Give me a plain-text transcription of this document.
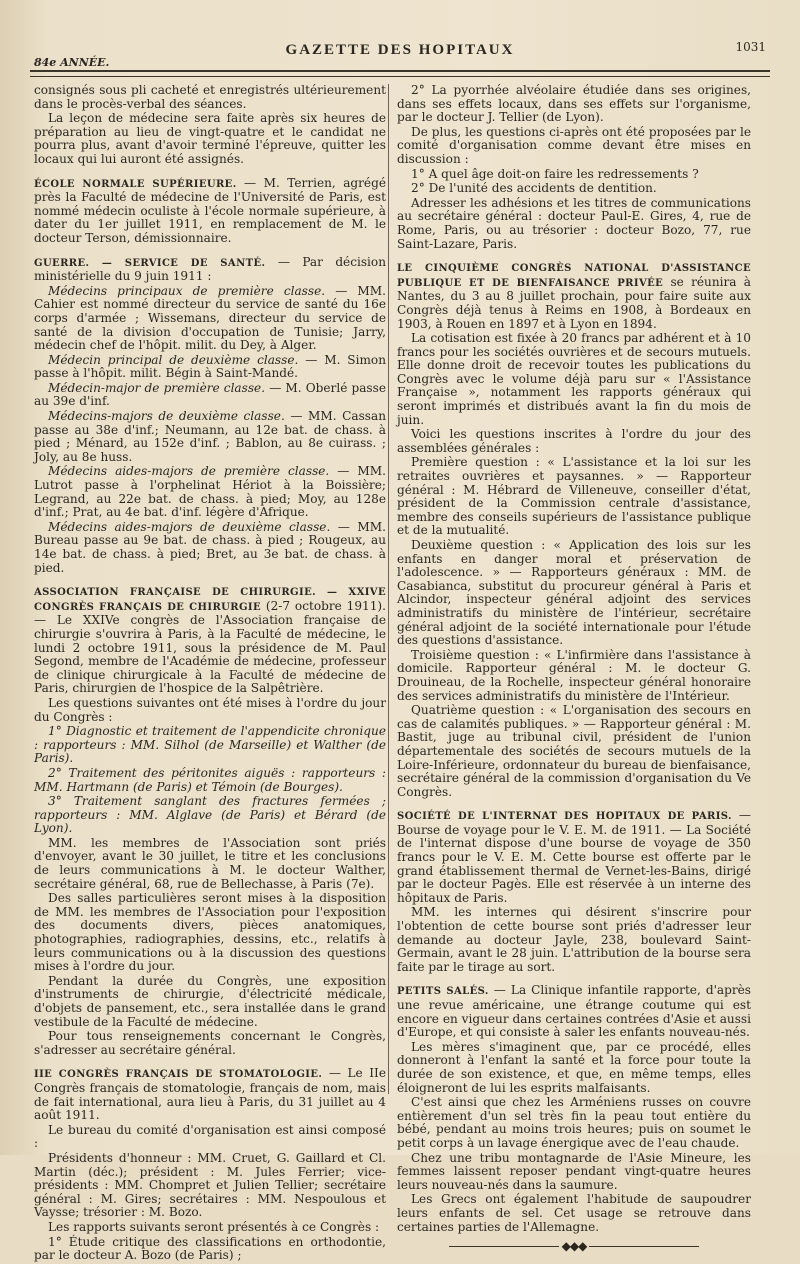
84e ANNÉE.
GAZETTE DES HOPITAUX	1031

consignés sous pli cacheté et enregistrés ultérieurement dans le procès-verbal des séances.

La leçon de médecine sera faite après six heures de préparation au lieu de vingt-quatre et le candidat ne pourra plus, avant d'avoir terminé l'épreuve, quitter les locaux qui lui auront été assignés.

ÉCOLE NORMALE SUPÉRIEURE. — M. Terrien, agrégé près la Faculté de médecine de l'Université de Paris, est nommé médecin oculiste à l'école normale supérieure, à dater du 1er juillet 1911, en remplacement de M. le docteur Terson, démissionnaire.

GUERRE. — SERVICE DE SANTÉ. — Par décision ministérielle du 9 juin 1911 :

Médecins principaux de première classe. — MM. Cahier est nommé directeur du service de santé du 16e corps d'armée ; Wissemans, directeur du service de santé de la division d'occupation de Tunisie; Jarry, médecin chef de l'hôpit. milit. du Dey, à Alger.

Médecin principal de deuxième classe. — M. Simon passe à l'hôpit. milit. Bégin à Saint-Mandé.

Médecin-major de première classe. — M. Oberlé passe au 39e d'inf.

Médecins-majors de deuxième classe. — MM. Cassan passe au 38e d'inf.; Neumann, au 12e bat. de chass. à pied ; Ménard, au 152e d'inf. ; Bablon, au 8e cuirass. ; Joly, au 8e huss.

Médecins aides-majors de première classe. — MM. Lutrot passe à l'orphelinat Hériot à la Boissière; Legrand, au 22e bat. de chass. à pied; Moy, au 128e d'inf.; Prat, au 4e bat. d'inf. légère d'Afrique.

Médecins aides-majors de deuxième classe. — MM. Bureau passe au 9e bat. de chass. à pied ; Rougeux, au 14e bat. de chass. à pied; Bret, au 3e bat. de chass. à pied.

ASSOCIATION FRANÇAISE DE CHIRURGIE. — XXIVE CONGRÈS FRANÇAIS DE CHIRURGIE (2-7 octobre 1911). — Le XXIVe congrès de l'Association française de chirurgie s'ouvrira à Paris, à la Faculté de médecine, le lundi 2 octobre 1911, sous la présidence de M. Paul Segond, membre de l'Académie de médecine, professeur de clinique chirurgicale à la Faculté de médecine de Paris, chirurgien de l'hospice de la Salpêtrière.

Les questions suivantes ont été mises à l'ordre du jour du Congrès :

1° Diagnostic et traitement de l'appendicite chronique : rapporteurs : MM. Silhol (de Marseille) et Walther (de Paris).

2° Traitement des péritonites aiguës : rapporteurs : MM. Hartmann (de Paris) et Témoin (de Bourges).

3° Traitement sanglant des fractures fermées ; rapporteurs : MM. Alglave (de Paris) et Bérard (de Lyon).

MM. les membres de l'Association sont priés d'envoyer, avant le 30 juillet, le titre et les conclusions de leurs communications à M. le docteur Walther, secrétaire général, 68, rue de Bellechasse, à Paris (7e).

Des salles particulières seront mises à la disposition de MM. les membres de l'Association pour l'exposition des documents divers, pièces anatomiques, photographies, radiographies, dessins, etc., relatifs à leurs communications ou à la discussion des questions mises à l'ordre du jour.

Pendant la durée du Congrès, une exposition d'instruments de chirurgie, d'électricité médicale, d'objets de pansement, etc., sera installée dans le grand vestibule de la Faculté de médecine.

Pour tous renseignements concernant le Congrès, s'adresser au secrétaire général.

IIE CONGRÈS FRANÇAIS DE STOMATOLOGIE. — Le IIe Congrès français de stomatologie, français de nom, mais de fait international, aura lieu à Paris, du 31 juillet au 4 août 1911.

Le bureau du comité d'organisation est ainsi composé :

Présidents d'honneur : MM. Cruet, G. Gaillard et Cl. Martin (déc.); président : M. Jules Ferrier; vice-présidents : MM. Chompret et Julien Tellier; secrétaire général : M. Gires; secrétaires : MM. Nespoulous et Vaysse; trésorier : M. Bozo.

Les rapports suivants seront présentés à ce Congrès :

1° Étude critique des classifications en orthodontie, par le docteur A. Bozo (de Paris) ;

2° La pyorrhée alvéolaire étudiée dans ses origines, dans ses effets locaux, dans ses effets sur l'organisme, par le docteur J. Tellier (de Lyon).

De plus, les questions ci-après ont été proposées par le comité d'organisation comme devant être mises en discussion :

1° A quel âge doit-on faire les redressements ?

2° De l'unité des accidents de dentition.

Adresser les adhésions et les titres de communications au secrétaire général : docteur Paul-E. Gires, 4, rue de Rome, Paris, ou au trésorier : docteur Bozo, 77, rue Saint-Lazare, Paris.

LE CINQUIÈME CONGRÈS NATIONAL D'ASSISTANCE PUBLIQUE ET DE BIENFAISANCE PRIVÉE se réunira à Nantes, du 3 au 8 juillet prochain, pour faire suite aux Congrès déjà tenus à Reims en 1908, à Bordeaux en 1903, à Rouen en 1897 et à Lyon en 1894.

La cotisation est fixée à 20 francs par adhérent et à 10 francs pour les sociétés ouvrières et de secours mutuels. Elle donne droit de recevoir toutes les publications du Congrès avec le volume déjà paru sur « l'Assistance Française », notamment les rapports généraux qui seront imprimés et distribués avant la fin du mois de juin.

Voici les questions inscrites à l'ordre du jour des assemblées générales :

Première question : « L'assistance et la loi sur les retraites ouvrières et paysannes. » — Rapporteur général : M. Hébrard de Villeneuve, conseiller d'état, président de la Commission centrale d'assistance, membre des conseils supérieurs de l'assistance publique et de la mutualité.

Deuxième question : « Application des lois sur les enfants en danger moral et préservation de l'adolescence. » — Rapporteurs généraux : MM. de Casabianca, substitut du procureur général à Paris et Alcindor, inspecteur général adjoint des services administratifs du ministère de l'intérieur, secrétaire général adjoint de la société internationale pour l'étude des questions d'assistance.

Troisième question : « L'infirmière dans l'assistance à domicile. Rapporteur général : M. le docteur G. Drouineau, de la Rochelle, inspecteur général honoraire des services administratifs du ministère de l'Intérieur.

Quatrième question : « L'organisation des secours en cas de calamités publiques. » — Rapporteur général : M. Bastit, juge au tribunal civil, président de l'union départementale des sociétés de secours mutuels de la Loire-Inférieure, ordonnateur du bureau de bienfaisance, secrétaire général de la commission d'organisation du Ve Congrès.

SOCIÉTÉ DE L'INTERNAT DES HOPITAUX DE PARIS. — Bourse de voyage pour le V. E. M. de 1911. — La Société de l'internat dispose d'une bourse de voyage de 350 francs pour le V. E. M. Cette bourse est offerte par le grand établissement thermal de Vernet-les-Bains, dirigé par le docteur Pagès. Elle est réservée à un interne des hôpitaux de Paris.

MM. les internes qui désirent s'inscrire pour l'obtention de cette bourse sont priés d'adresser leur demande au docteur Jayle, 238, boulevard Saint-Germain, avant le 28 juin. L'attribution de la bourse sera faite par le tirage au sort.

PETITS SALÉS. — La Clinique infantile rapporte, d'après une revue américaine, une étrange coutume qui est encore en vigueur dans certaines contrées d'Asie et aussi d'Europe, et qui consiste à saler les enfants nouveau-nés.

Les mères s'imaginent que, par ce procédé, elles donneront à l'enfant la santé et la force pour toute la durée de son existence, et que, en même temps, elles éloigneront de lui les esprits malfaisants.

C'est ainsi que chez les Arméniens russes on couvre entièrement d'un sel très fin la peau tout entière du bébé, pendant au moins trois heures; puis on soumet le petit corps à un lavage énergique avec de l'eau chaude.

Chez une tribu montagnarde de l'Asie Mineure, les femmes laissent reposer pendant vingt-quatre heures leurs nouveau-nés dans la saumure.

Les Grecs ont également l'habitude de saupoudrer leurs enfants de sel. Cet usage se retrouve dans certaines parties de l'Allemagne.

◆◆◆
